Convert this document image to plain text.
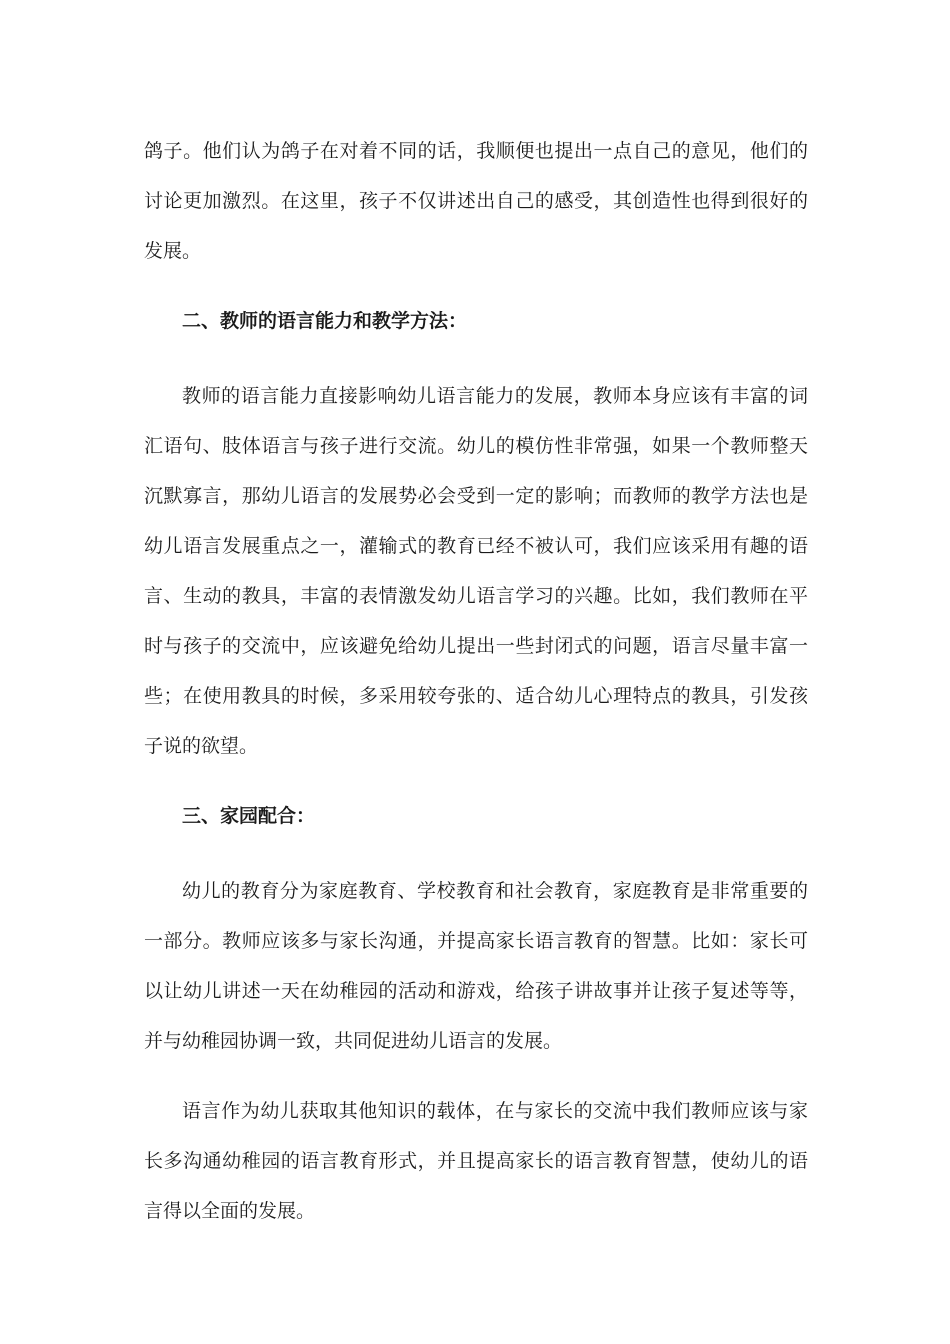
鸽子。他们认为鸽子在对着不同的话，我顺便也提出一点自己的意见，他们的讨论更加激烈。在这里，孩子不仅讲述出自己的感受，其创造性也得到很好的发展。

二、教师的语言能力和教学方法：

教师的语言能力直接影响幼儿语言能力的发展，教师本身应该有丰富的词汇语句、肢体语言与孩子进行交流。幼儿的模仿性非常强，如果一个教师整天沉默寡言，那幼儿语言的发展势必会受到一定的影响；而教师的教学方法也是幼儿语言发展重点之一，灌输式的教育已经不被认可，我们应该采用有趣的语言、生动的教具，丰富的表情激发幼儿语言学习的兴趣。比如，我们教师在平时与孩子的交流中，应该避免给幼儿提出一些封闭式的问题，语言尽量丰富一些；在使用教具的时候，多采用较夸张的、适合幼儿心理特点的教具，引发孩子说的欲望。

三、家园配合：

幼儿的教育分为家庭教育、学校教育和社会教育，家庭教育是非常重要的一部分。教师应该多与家长沟通，并提高家长语言教育的智慧。比如：家长可以让幼儿讲述一天在幼稚园的活动和游戏，给孩子讲故事并让孩子复述等等，并与幼稚园协调一致，共同促进幼儿语言的发展。

语言作为幼儿获取其他知识的载体，在与家长的交流中我们教师应该与家长多沟通幼稚园的语言教育形式，并且提高家长的语言教育智慧，使幼儿的语言得以全面的发展。
